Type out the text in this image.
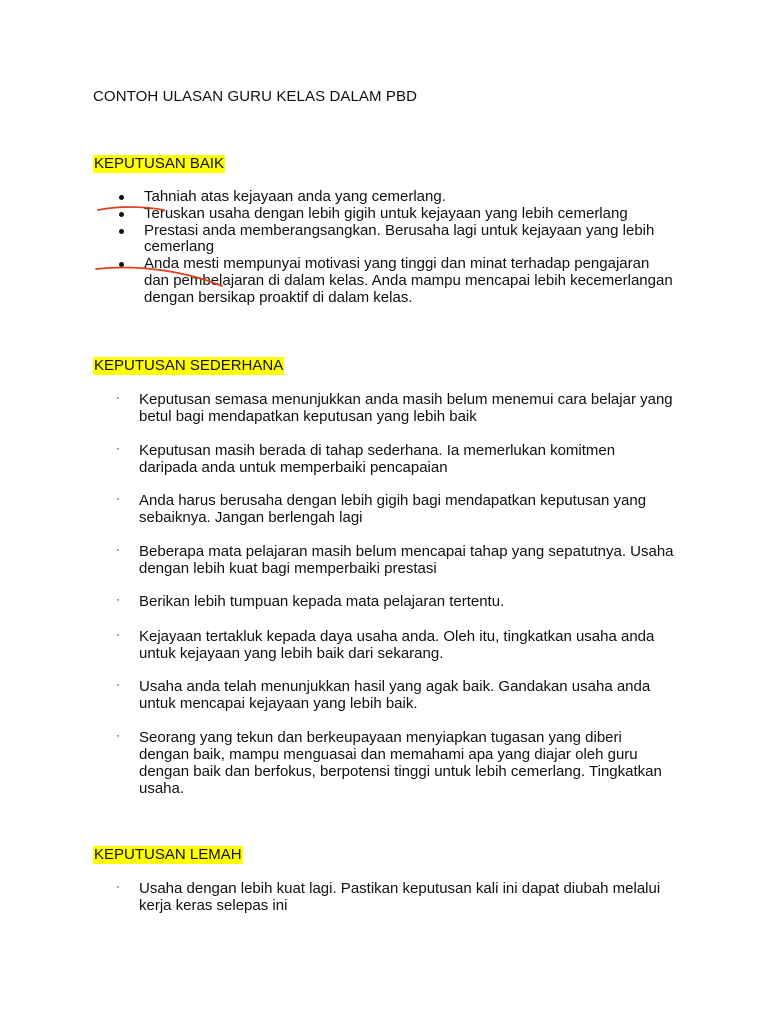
CONTOH ULASAN GURU KELAS DALAM PBD
KEPUTUSAN BAIK
Tahniah atas kejayaan anda yang cemerlang.
Teruskan usaha dengan lebih gigih untuk kejayaan yang lebih cemerlang
Prestasi anda memberangsangkan. Berusaha lagi untuk kejayaan yang lebih cemerlang
Anda mesti mempunyai motivasi yang tinggi dan minat terhadap pengajaran dan pembelajaran di dalam kelas. Anda mampu mencapai lebih kecemerlangan dengan bersikap proaktif di dalam kelas.
KEPUTUSAN SEDERHANA
·	Keputusan semasa menunjukkan anda masih belum menemui cara belajar yang betul bagi mendapatkan keputusan yang lebih baik
·	Keputusan masih berada di tahap sederhana. Ia memerlukan komitmen daripada anda untuk memperbaiki pencapaian
·	Anda harus berusaha dengan lebih gigih bagi mendapatkan keputusan yang sebaiknya. Jangan berlengah lagi
·	Beberapa mata pelajaran masih belum mencapai tahap yang sepatutnya. Usaha dengan lebih kuat bagi memperbaiki prestasi
·	Berikan lebih tumpuan kepada mata pelajaran tertentu.
·	Kejayaan tertakluk kepada daya usaha anda. Oleh itu, tingkatkan usaha anda untuk kejayaan yang lebih baik dari sekarang.
·	Usaha anda telah menunjukkan hasil yang agak baik. Gandakan usaha anda untuk mencapai kejayaan yang lebih baik.
·	Seorang yang tekun dan berkeupayaan menyiapkan tugasan yang diberi dengan baik, mampu menguasai dan memahami apa yang diajar oleh guru dengan baik dan berfokus, berpotensi tinggi untuk lebih cemerlang. Tingkatkan usaha.
KEPUTUSAN LEMAH
·	Usaha dengan lebih kuat lagi. Pastikan keputusan kali ini dapat diubah melalui kerja keras selepas ini
